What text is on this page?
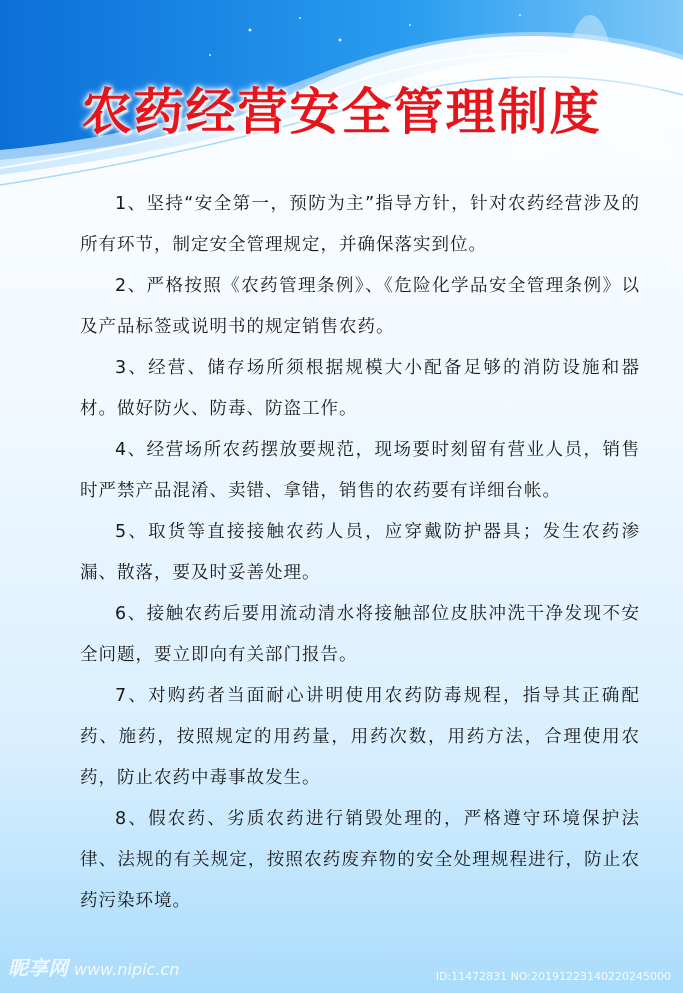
农药经营安全管理制度

1、坚持“安全第一，预防为主”指导方针，针对农药经营涉及的所有环节，制定安全管理规定，并确保落实到位。

2、严格按照《农药管理条例》、《危险化学品安全管理条例》以及产品标签或说明书的规定销售农药。

3、经营、储存场所须根据规模大小配备足够的消防设施和器材。做好防火、防毒、防盗工作。

4、经营场所农药摆放要规范，现场要时刻留有营业人员，销售时严禁产品混淆、卖错、拿错，销售的农药要有详细台帐。

5、取货等直接接触农药人员，应穿戴防护器具；发生农药渗漏、散落，要及时妥善处理。

6、接触农药后要用流动清水将接触部位皮肤冲洗干净发现不安全问题，要立即向有关部门报告。

7、对购药者当面耐心讲明使用农药防毒规程，指导其正确配药、施药，按照规定的用药量，用药次数，用药方法，合理使用农药，防止农药中毒事故发生。

8、假农药、劣质农药进行销毁处理的，严格遵守环境保护法律、法规的有关规定，按照农药废弃物的安全处理规程进行，防止农药污染环境。

昵享网 www.nipic.cn	ID:11472831 NO:20191223140220245000
